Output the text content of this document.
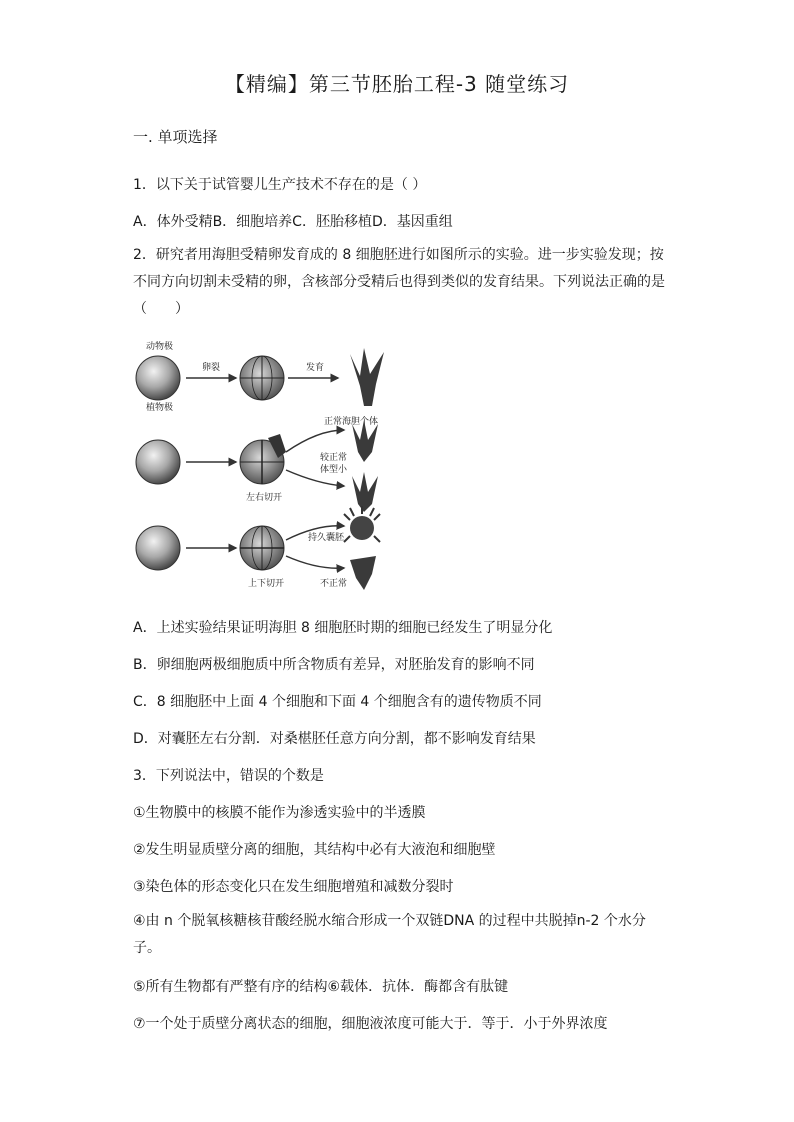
【精编】第三节胚胎工程-3 随堂练习
一. 单项选择
1．以下关于试管婴儿生产技术不存在的是（ ）
A．体外受精B．细胞培养C．胚胎移植D．基因重组
2．研究者用海胆受精卵发育成的 8 细胞胚进行如图所示的实验。进一步实验发现；按不同方向切割未受精的卵，含核部分受精后也得到类似的发育结果。下列说法正确的是（　　）
动物极
植物极
卵裂	发育
正常海胆个体
左右切开
较正常
体型小
上下切开
持久囊胚
不正常
A．上述实验结果证明海胆 8 细胞胚时期的细胞已经发生了明显分化
B．卵细胞两极细胞质中所含物质有差异，对胚胎发育的影响不同
C．8 细胞胚中上面 4 个细胞和下面 4 个细胞含有的遗传物质不同
D．对囊胚左右分割．对桑椹胚任意方向分割，都不影响发育结果
3．下列说法中，错误的个数是
①生物膜中的核膜不能作为渗透实验中的半透膜
②发生明显质壁分离的细胞，其结构中必有大液泡和细胞壁
③染色体的形态变化只在发生细胞增殖和减数分裂时
④由 n 个脱氧核糖核苷酸经脱水缩合形成一个双链DNA 的过程中共脱掉n-2 个水分子。
⑤所有生物都有严整有序的结构⑥载体．抗体．酶都含有肽键
⑦一个处于质壁分离状态的细胞，细胞液浓度可能大于．等于．小于外界浓度
